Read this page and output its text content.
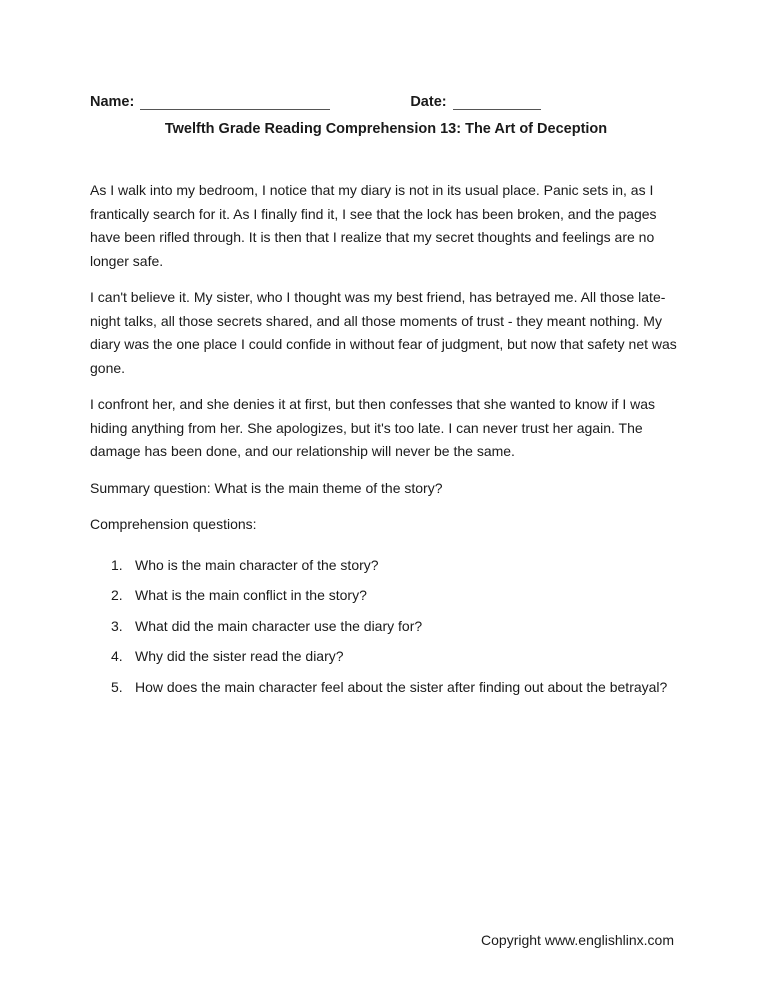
Name:	Date:
Twelfth Grade Reading Comprehension 13: The Art of Deception

As I walk into my bedroom, I notice that my diary is not in its usual place. Panic sets in, as I frantically search for it. As I finally find it, I see that the lock has been broken, and the pages have been rifled through. It is then that I realize that my secret thoughts and feelings are no longer safe.

I can't believe it. My sister, who I thought was my best friend, has betrayed me. All those late-night talks, all those secrets shared, and all those moments of trust - they meant nothing. My diary was the one place I could confide in without fear of judgment, but now that safety net was gone.

I confront her, and she denies it at first, but then confesses that she wanted to know if I was hiding anything from her. She apologizes, but it's too late. I can never trust her again. The damage has been done, and our relationship will never be the same.

Summary question: What is the main theme of the story?

Comprehension questions:

1. Who is the main character of the story?
2. What is the main conflict in the story?
3. What did the main character use the diary for?
4. Why did the sister read the diary?
5. How does the main character feel about the sister after finding out about the betrayal?
Copyright www.englishlinx.com
